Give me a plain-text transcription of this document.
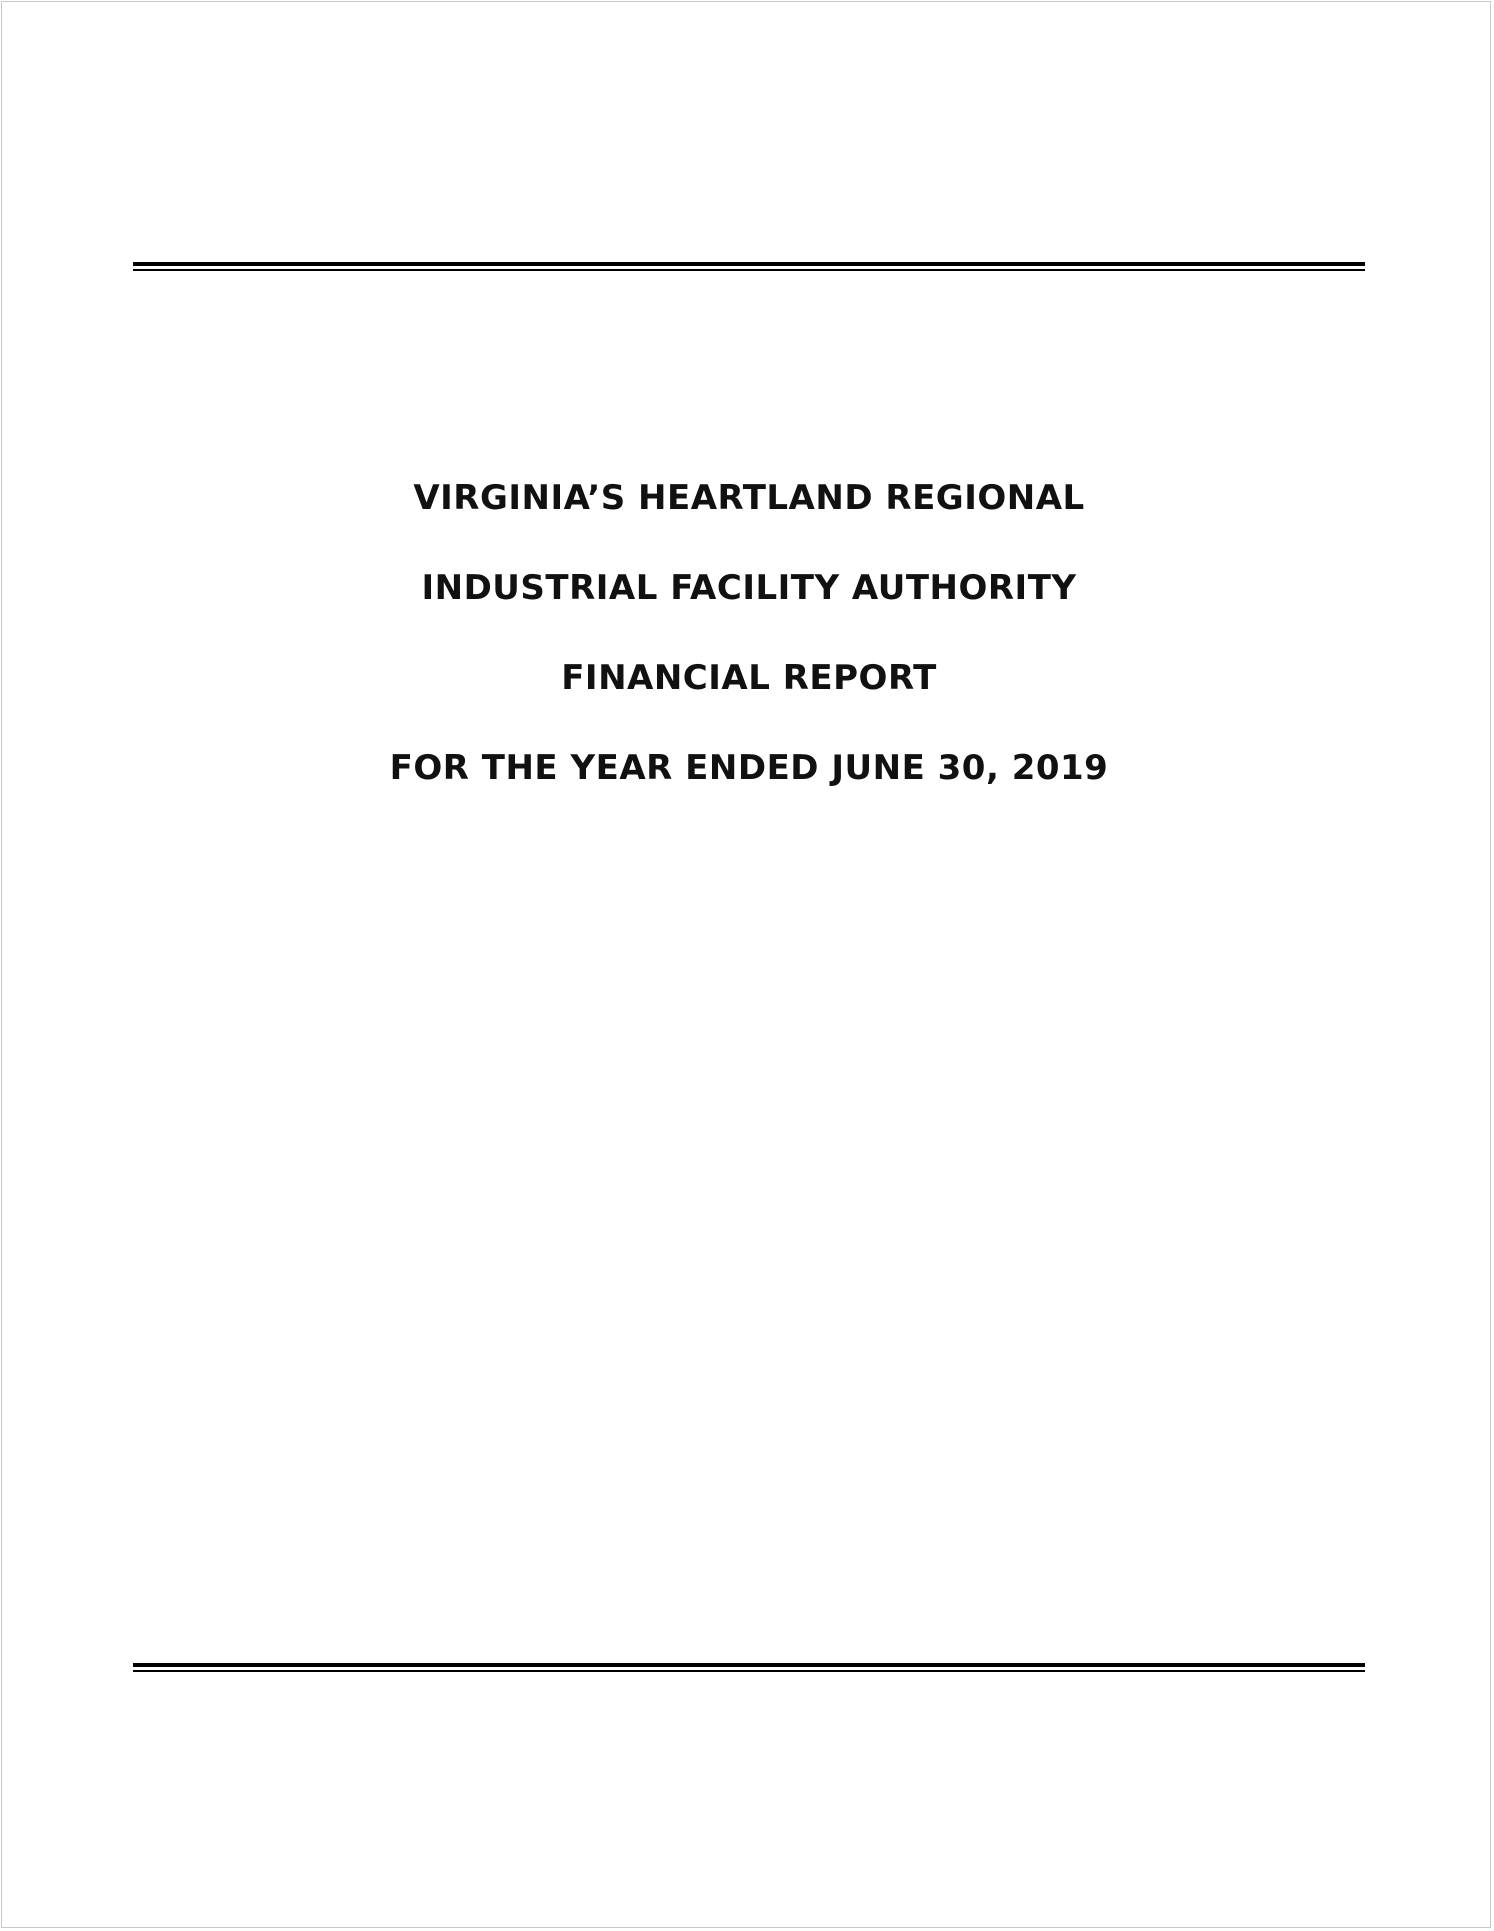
VIRGINIA’S HEARTLAND REGIONAL
INDUSTRIAL FACILITY AUTHORITY
FINANCIAL REPORT
FOR THE YEAR ENDED JUNE 30, 2019
